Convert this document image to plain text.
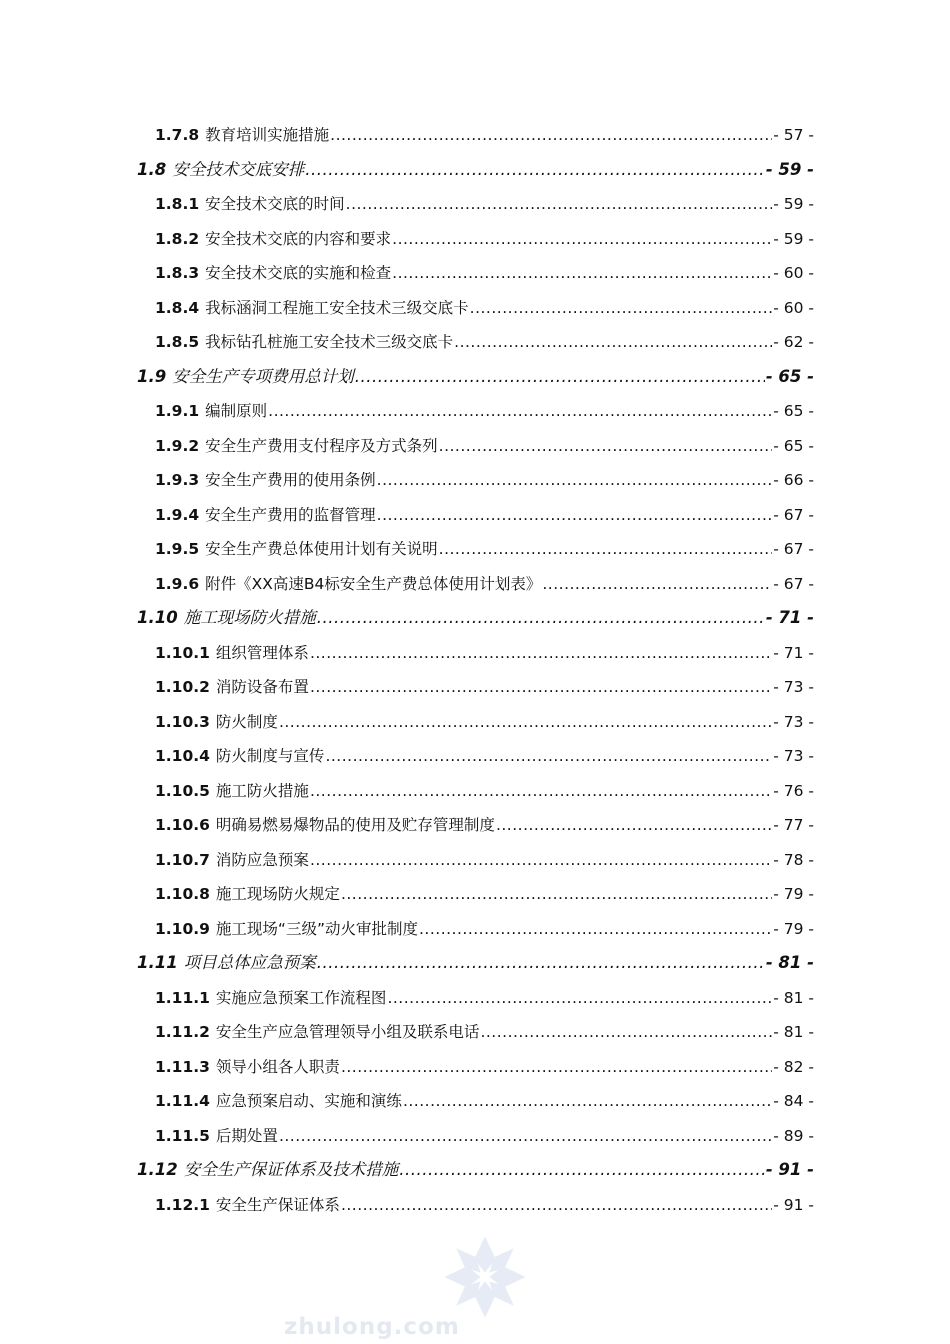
1.7.8 教育培训实施措施 .....	- 57 -
1.8 安全技术交底安排 .....	- 59 -
1.8.1 安全技术交底的时间 .....	- 59 -
1.8.2 安全技术交底的内容和要求 .....	- 59 -
1.8.3 安全技术交底的实施和检查 .....	- 60 -
1.8.4 我标涵洞工程施工安全技术三级交底卡 .....	- 60 -
1.8.5 我标钻孔桩施工安全技术三级交底卡 .....	- 62 -
1.9 安全生产专项费用总计划 .....	- 65 -
1.9.1 编制原则 .....	- 65 -
1.9.2 安全生产费用支付程序及方式条列 .....	- 65 -
1.9.3 安全生产费用的使用条例 .....	- 66 -
1.9.4 安全生产费用的监督管理 .....	- 67 -
1.9.5 安全生产费总体使用计划有关说明 .....	- 67 -
1.9.6 附件《XX高速B4标安全生产费总体使用计划表》 .....	- 67 -
1.10 施工现场防火措施 .....	- 71 -
1.10.1 组织管理体系 .....	- 71 -
1.10.2 消防设备布置 .....	- 73 -
1.10.3 防火制度 .....	- 73 -
1.10.4 防火制度与宣传 .....	- 73 -
1.10.5 施工防火措施 .....	- 76 -
1.10.6 明确易燃易爆物品的使用及贮存管理制度 .....	- 77 -
1.10.7 消防应急预案 .....	- 78 -
1.10.8 施工现场防火规定 .....	- 79 -
1.10.9 施工现场“三级”动火审批制度 .....	- 79 -
1.11 项目总体应急预案 .....	- 81 -
1.11.1 实施应急预案工作流程图 .....	- 81 -
1.11.2 安全生产应急管理领导小组及联系电话 .....	- 81 -
1.11.3 领导小组各人职责 .....	- 82 -
1.11.4 应急预案启动、实施和演练 .....	- 84 -
1.11.5 后期处置 .....	- 89 -
1.12 安全生产保证体系及技术措施 .....	- 91 -
1.12.1 安全生产保证体系 .....	- 91 -
zhulong.com
